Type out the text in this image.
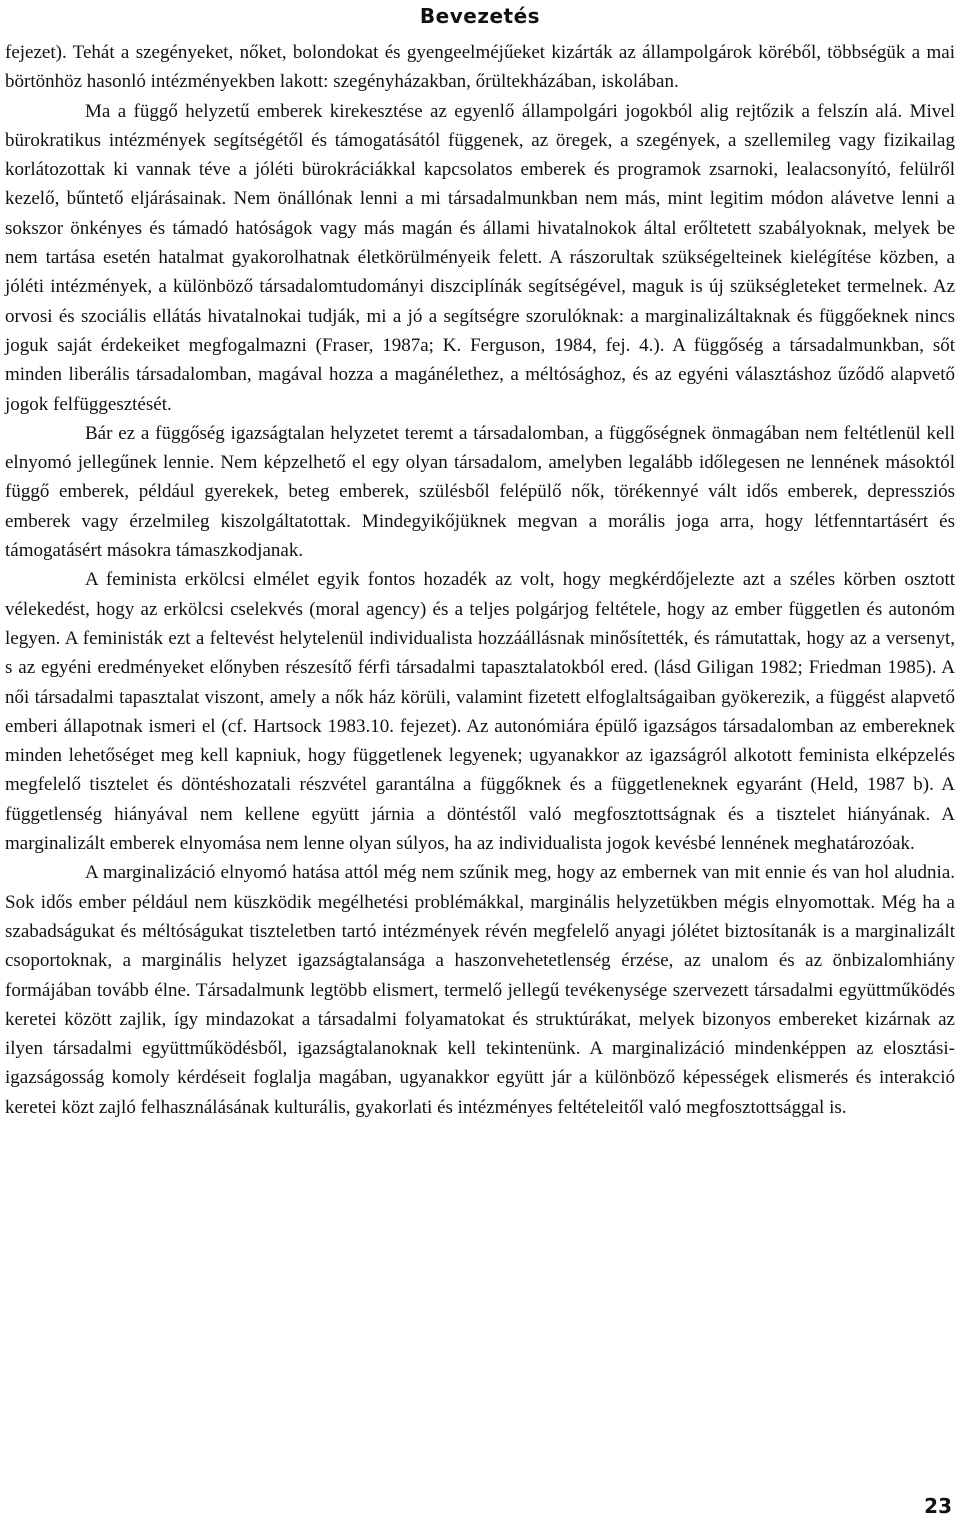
Bevezetés

fejezet). Tehát a szegényeket, nőket, bolondokat és gyengeelméjűeket kizárták az állampolgárok köréből, többségük a mai börtönhöz hasonló intézményekben lakott: szegényházakban, őrültekházában, iskolában.

Ma a függő helyzetű emberek kirekesztése az egyenlő állampolgári jogokból alig rejtőzik a felszín alá. Mivel bürokratikus intézmények segítségétől és támogatásától függenek, az öregek, a szegények, a szellemileg vagy fizikailag korlátozottak ki vannak téve a jóléti bürokráciákkal kapcsolatos emberek és programok zsarnoki, lealacsonyító, felülről kezelő, bűntető eljárásainak. Nem önállónak lenni a mi társadalmunkban nem más, mint legitim módon alávetve lenni a sokszor önkényes és támadó hatóságok vagy más magán és állami hivatalnokok által erőltetett szabályoknak, melyek be nem tartása esetén hatalmat gyakorolhatnak életkörülményeik felett. A rászorultak szükségelteinek kielégítése közben, a jóléti intézmények, a különböző társadalomtudományi diszciplínák segítségével, maguk is új szükségleteket termelnek. Az orvosi és szociális ellátás hivatalnokai tudják, mi a jó a segítségre szorulóknak: a marginalizáltaknak és függőeknek nincs joguk saját érdekeiket megfogalmazni (Fraser, 1987a; K. Ferguson, 1984, fej. 4.). A függőség a társadalmunkban, sőt minden liberális társadalomban, magával hozza a magánélethez, a méltósághoz, és az egyéni választáshoz űződő alapvető jogok felfüggesztését.

Bár ez a függőség igazságtalan helyzetet teremt a társadalomban, a függőségnek önmagában nem feltétlenül kell elnyomó jellegűnek lennie. Nem képzelhető el egy olyan társadalom, amelyben legalább időlegesen ne lennének másoktól függő emberek, például gyerekek, beteg emberek, szülésből felépülő nők, törékennyé vált idős emberek, depressziós emberek vagy érzelmileg kiszolgáltatottak. Mindegyikőjüknek megvan a morális joga arra, hogy létfenntartásért és támogatásért másokra támaszkodjanak.

A feminista erkölcsi elmélet egyik fontos hozadék az volt, hogy megkérdőjelezte azt a széles körben osztott vélekedést, hogy az erkölcsi cselekvés (moral agency) és a teljes polgárjog feltétele, hogy az ember független és autonóm legyen. A feministák ezt a feltevést helytelenül individualista hozzáállásnak minősítették, és rámutattak, hogy az a versenyt, s az egyéni eredményeket előnyben részesítő férfi társadalmi tapasztalatokból ered. (lásd Giligan 1982; Friedman 1985). A női társadalmi tapasztalat viszont, amely a nők ház körüli, valamint fizetett elfoglaltságaiban gyökerezik, a függést alapvető emberi állapotnak ismeri el (cf. Hartsock 1983.10. fejezet). Az autonómiára épülő igazságos társadalomban az embereknek minden lehetőséget meg kell kapniuk, hogy függetlenek legyenek; ugyanakkor az igazságról alkotott feminista elképzelés megfelelő tisztelet és döntéshozatali részvétel garantálna a függőknek és a függetleneknek egyaránt (Held, 1987 b). A függetlenség hiányával nem kellene együtt járnia a döntéstől való megfosztottságnak és a tisztelet hiányának. A marginalizált emberek elnyomása nem lenne olyan súlyos, ha az individualista jogok kevésbé lennének meghatározóak.

A marginalizáció elnyomó hatása attól még nem szűnik meg, hogy az embernek van mit ennie és van hol aludnia. Sok idős ember például nem küszködik megélhetési problémákkal, marginális helyzetükben mégis elnyomottak. Még ha a szabadságukat és méltóságukat tiszteletben tartó intézmények révén megfelelő anyagi jólétet biztosítanák is a marginalizált csoportoknak, a marginális helyzet igazságtalansága a haszonvehetetlenség érzése, az unalom és az önbizalomhiány formájában tovább élne. Társadalmunk legtöbb elismert, termelő jellegű tevékenysége szervezett társadalmi együttműködés keretei között zajlik, így mindazokat a társadalmi folyamatokat és struktúrákat, melyek bizonyos embereket kizárnak az ilyen társadalmi együttműködésből, igazságtalanoknak kell tekintenünk. A marginalizáció mindenképpen az elosztási-igazságosság komoly kérdéseit foglalja magában, ugyanakkor együtt jár a különböző képességek elismerés és interakció keretei közt zajló felhasználásának kulturális, gyakorlati és intézményes feltételeitől való megfosztottsággal is.

23
